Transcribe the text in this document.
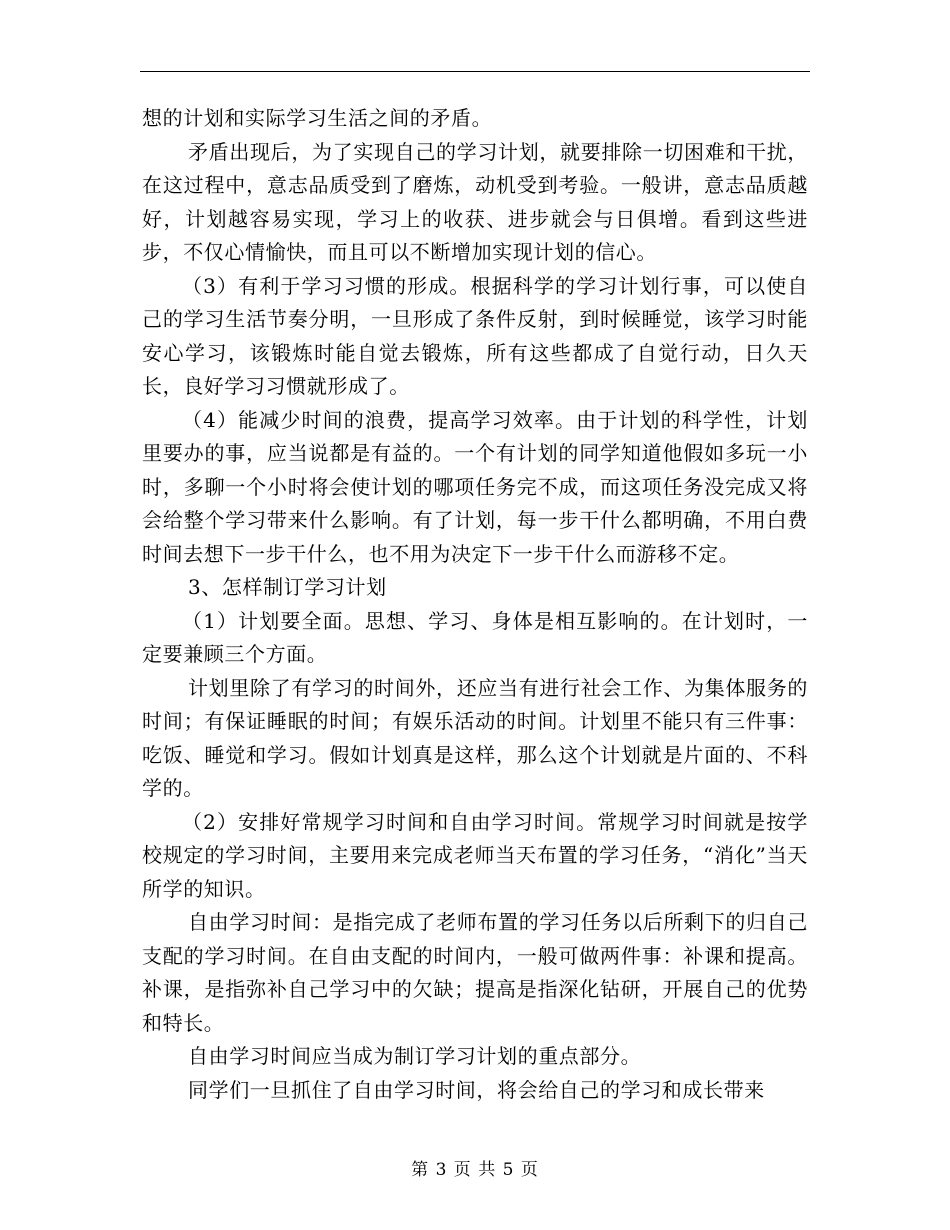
想的计划和实际学习生活之间的矛盾。

矛盾出现后，为了实现自己的学习计划，就要排除一切困难和干扰，在这过程中，意志品质受到了磨炼，动机受到考验。一般讲，意志品质越好，计划越容易实现，学习上的收获、进步就会与日俱增。看到这些进步，不仅心情愉快，而且可以不断增加实现计划的信心。

（3）有利于学习习惯的形成。根据科学的学习计划行事，可以使自己的学习生活节奏分明，一旦形成了条件反射，到时候睡觉，该学习时能安心学习，该锻炼时能自觉去锻炼，所有这些都成了自觉行动，日久天长，良好学习习惯就形成了。

（4）能减少时间的浪费，提高学习效率。由于计划的科学性，计划里要办的事，应当说都是有益的。一个有计划的同学知道他假如多玩一小时，多聊一个小时将会使计划的哪项任务完不成，而这项任务没完成又将会给整个学习带来什么影响。有了计划，每一步干什么都明确，不用白费时间去想下一步干什么，也不用为决定下一步干什么而游移不定。

3、怎样制订学习计划

（1）计划要全面。思想、学习、身体是相互影响的。在计划时，一定要兼顾三个方面。

计划里除了有学习的时间外，还应当有进行社会工作、为集体服务的时间；有保证睡眠的时间；有娱乐活动的时间。计划里不能只有三件事：吃饭、睡觉和学习。假如计划真是这样，那么这个计划就是片面的、不科学的。

（2）安排好常规学习时间和自由学习时间。常规学习时间就是按学校规定的学习时间，主要用来完成老师当天布置的学习任务，“消化”当天所学的知识。

自由学习时间：是指完成了老师布置的学习任务以后所剩下的归自己支配的学习时间。在自由支配的时间内，一般可做两件事：补课和提高。补课，是指弥补自己学习中的欠缺；提高是指深化钻研，开展自己的优势和特长。

自由学习时间应当成为制订学习计划的重点部分。

同学们一旦抓住了自由学习时间，将会给自己的学习和成长带来

第 3 页 共 5 页
